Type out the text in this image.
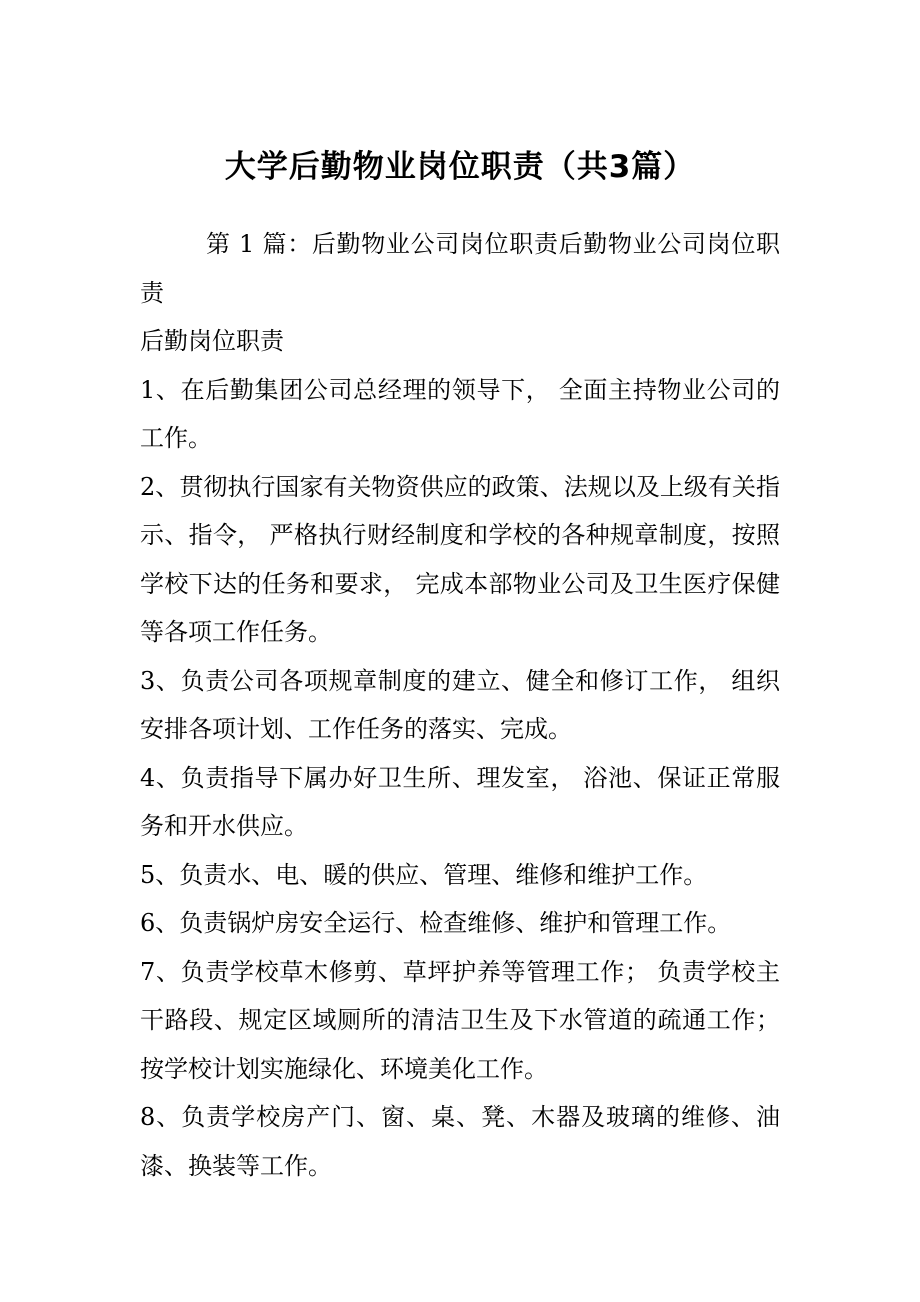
大学后勤物业岗位职责（共3篇）

第 1 篇：后勤物业公司岗位职责后勤物业公司岗位职责

后勤岗位职责

1、在后勤集团公司总经理的领导下， 全面主持物业公司的工作。

2、贯彻执行国家有关物资供应的政策、法规以及上级有关指示、指令， 严格执行财经制度和学校的各种规章制度，按照学校下达的任务和要求， 完成本部物业公司及卫生医疗保健等各项工作任务。

3、负责公司各项规章制度的建立、健全和修订工作， 组织安排各项计划、工作任务的落实、完成。

4、负责指导下属办好卫生所、理发室， 浴池、保证正常服务和开水供应。

5、负责水、电、暖的供应、管理、维修和维护工作。

6、负责锅炉房安全运行、检查维修、维护和管理工作。

7、负责学校草木修剪、草坪护养等管理工作； 负责学校主干路段、规定区域厕所的清洁卫生及下水管道的疏通工作；按学校计划实施绿化、环境美化工作。

8、负责学校房产门、窗、桌、凳、木器及玻璃的维修、油漆、换装等工作。
